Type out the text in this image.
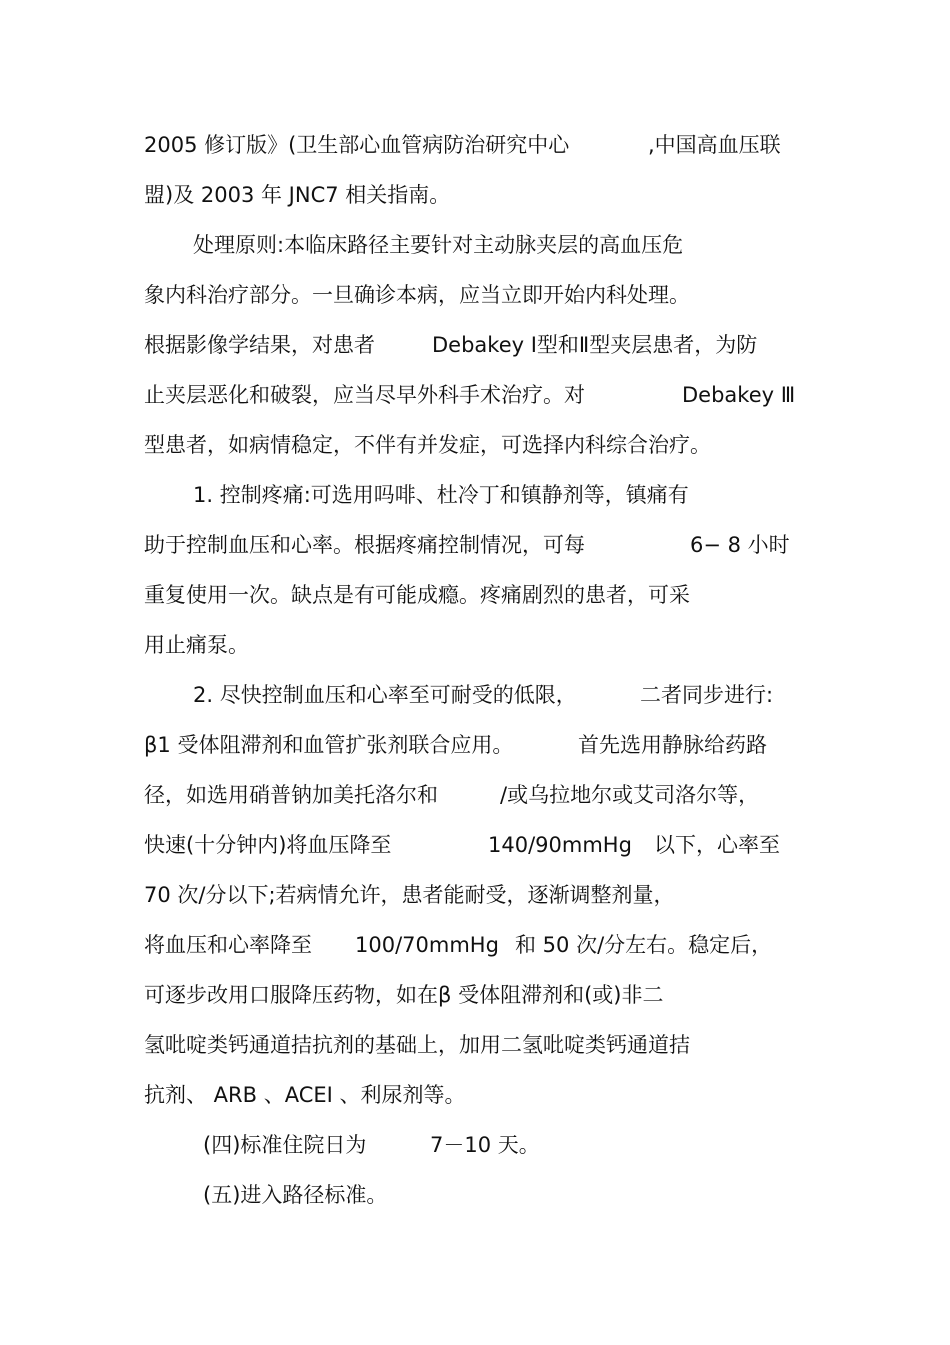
2005 修订版》(卫生部心血管病防治研究中心	,中国高血压联
盟)及 2003 年 JNC7 相关指南。
处理原则:本临床路径主要针对主动脉夹层的高血压危
象内科治疗部分。一旦确诊本病，应当立即开始内科处理。
根据影像学结果，对患者	Debakey Ⅰ型和Ⅱ型夹层患者，为防
止夹层恶化和破裂，应当尽早外科手术治疗。对	Debakey Ⅲ
型患者，如病情稳定，不伴有并发症，可选择内科综合治疗。
1. 控制疼痛:可选用吗啡、杜冷丁和镇静剂等，镇痛有
助于控制血压和心率。根据疼痛控制情况，可每	6− 8 小时
重复使用一次。缺点是有可能成瘾。疼痛剧烈的患者，可采
用止痛泵。
2. 尽快控制血压和心率至可耐受的低限，	二者同步进行:
β1 受体阻滞剂和血管扩张剂联合应用。	首先选用静脉给药路
径，如选用硝普钠加美托洛尔和	/或乌拉地尔或艾司洛尔等，
快速(十分钟内)将血压降至	140/90mmHg 以下，心率至
70 次/分以下;若病情允许，患者能耐受，逐渐调整剂量，
将血压和心率降至 100/70mmHg 和 50 次/分左右。稳定后，
可逐步改用口服降压药物，如在β 受体阻滞剂和(或)非二
氢吡啶类钙通道拮抗剂的基础上，加用二氢吡啶类钙通道拮
抗剂、 ARB 、ACEI 、利尿剂等。
(四)标准住院日为	7－10 天。
(五)进入路径标准。
